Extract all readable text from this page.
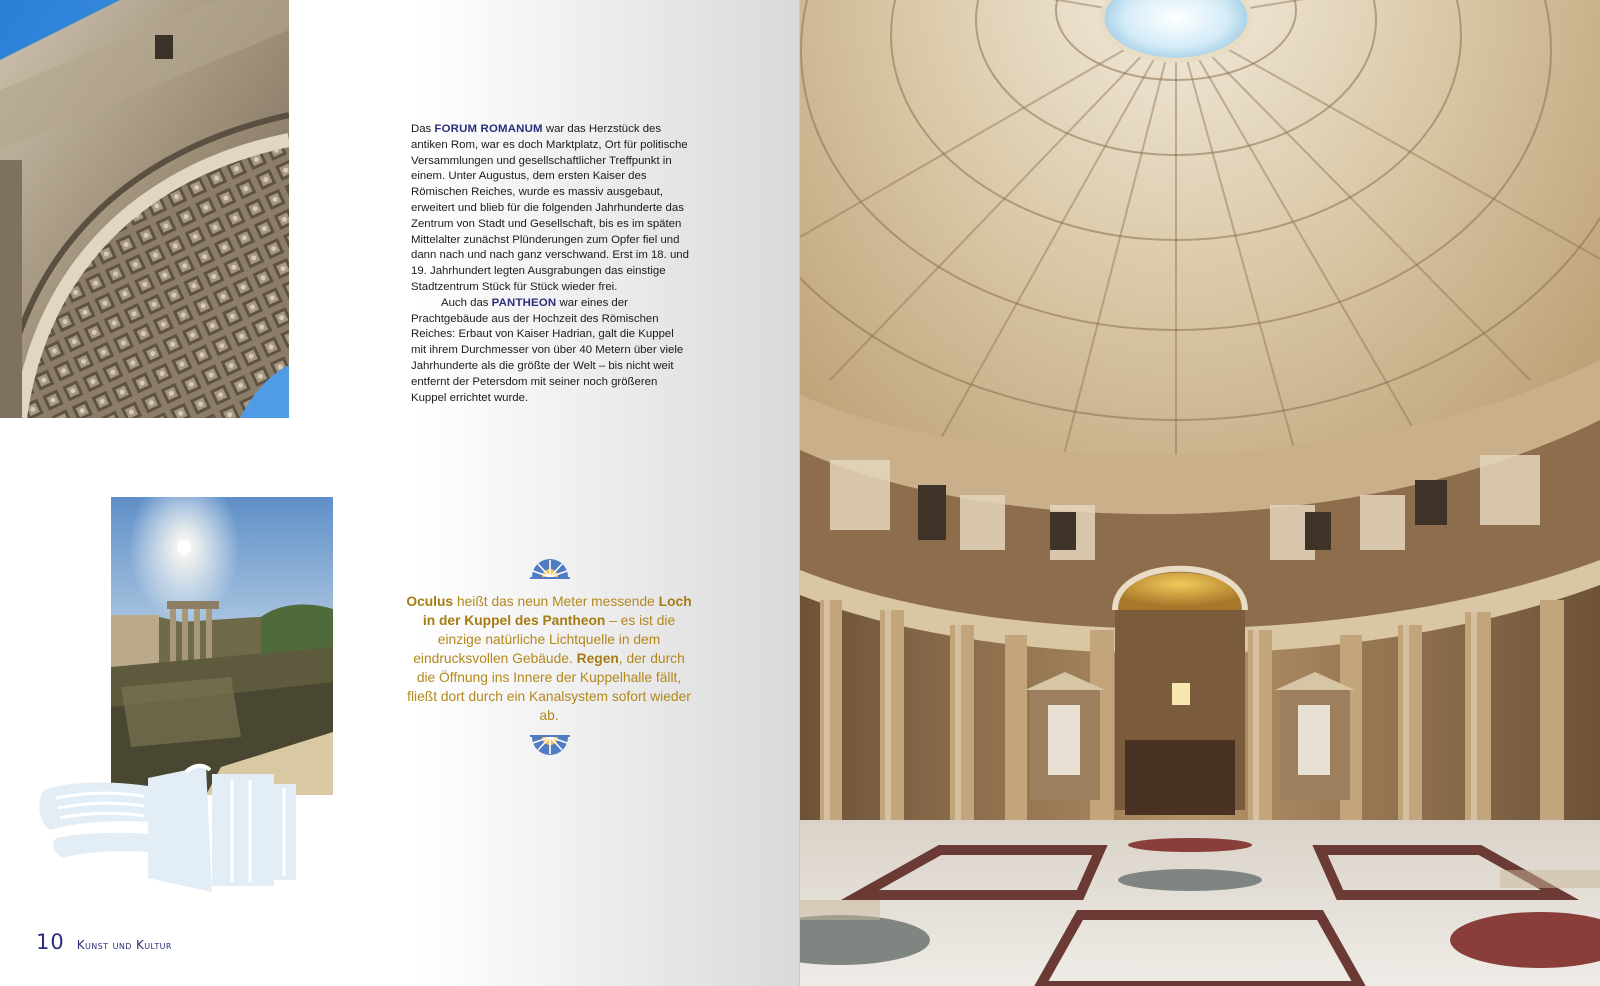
Das FORUM ROMANUM war das Herzstück des antiken Rom, war es doch Marktplatz, Ort für politische Versammlungen und gesellschaftlicher Treffpunkt in einem. Unter Augustus, dem ersten Kaiser des Römischen Reiches, wurde es massiv ausgebaut, erweitert und blieb für die folgenden Jahrhunderte das Zentrum von Stadt und Gesellschaft, bis es im späten Mittelalter zunächst Plünderungen zum Opfer fiel und dann nach und nach ganz verschwand. Erst im 18. und 19. Jahrhundert legten Ausgrabungen das einstige Stadtzentrum Stück für Stück wieder frei.

Auch das PANTHEON war eines der Prachtgebäude aus der Hochzeit des Römischen Reiches: Erbaut von Kaiser Hadrian, galt die Kuppel mit ihrem Durchmesser von über 40 Metern über viele Jahrhunderte als die größte der Welt – bis nicht weit entfernt der Petersdom mit seiner noch größeren Kuppel errichtet wurde.

Oculus heißt das neun Meter messende Loch in der Kuppel des Pantheon – es ist die einzige natürliche Lichtquelle in dem eindrucksvollen Gebäude. Regen, der durch die Öffnung ins Innere der Kuppelhalle fällt, fließt dort durch ein Kanalsystem sofort wieder ab.
10 Kunst und Kultur
